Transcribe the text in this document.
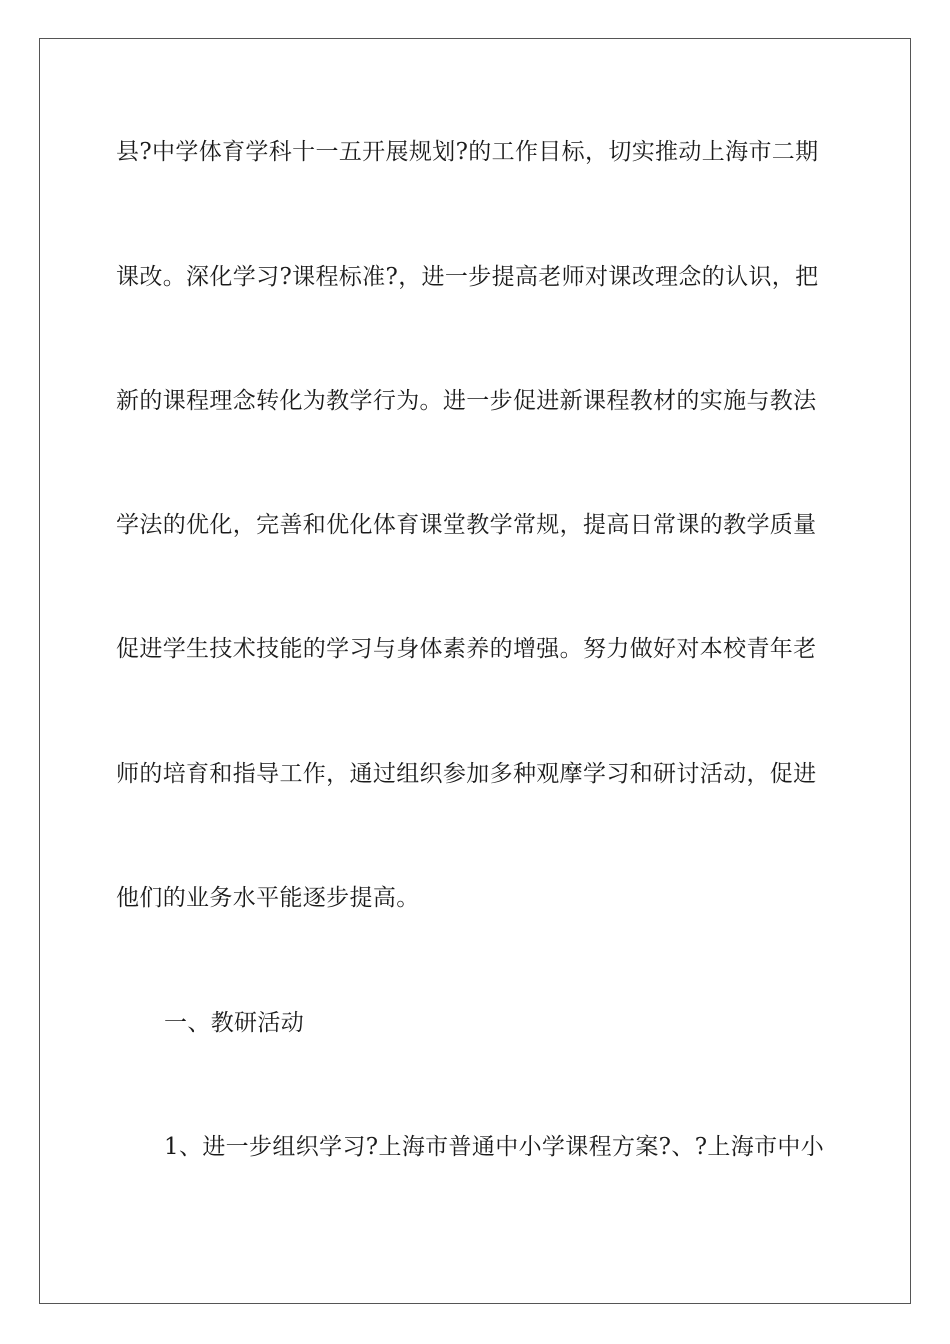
县?中学体育学科十一五开展规划?的工作目标，切实推动上海市二期
课改。深化学习?课程标准?，进一步提高老师对课改理念的认识，把
新的课程理念转化为教学行为。进一步促进新课程教材的实施与教法
学法的优化，完善和优化体育课堂教学常规，提高日常课的教学质量
促进学生技术技能的学习与身体素养的增强。努力做好对本校青年老
师的培育和指导工作，通过组织参加多种观摩学习和研讨活动，促进
他们的业务水平能逐步提高。
一、教研活动
1、进一步组织学习?上海市普通中小学课程方案?、?上海市中小
